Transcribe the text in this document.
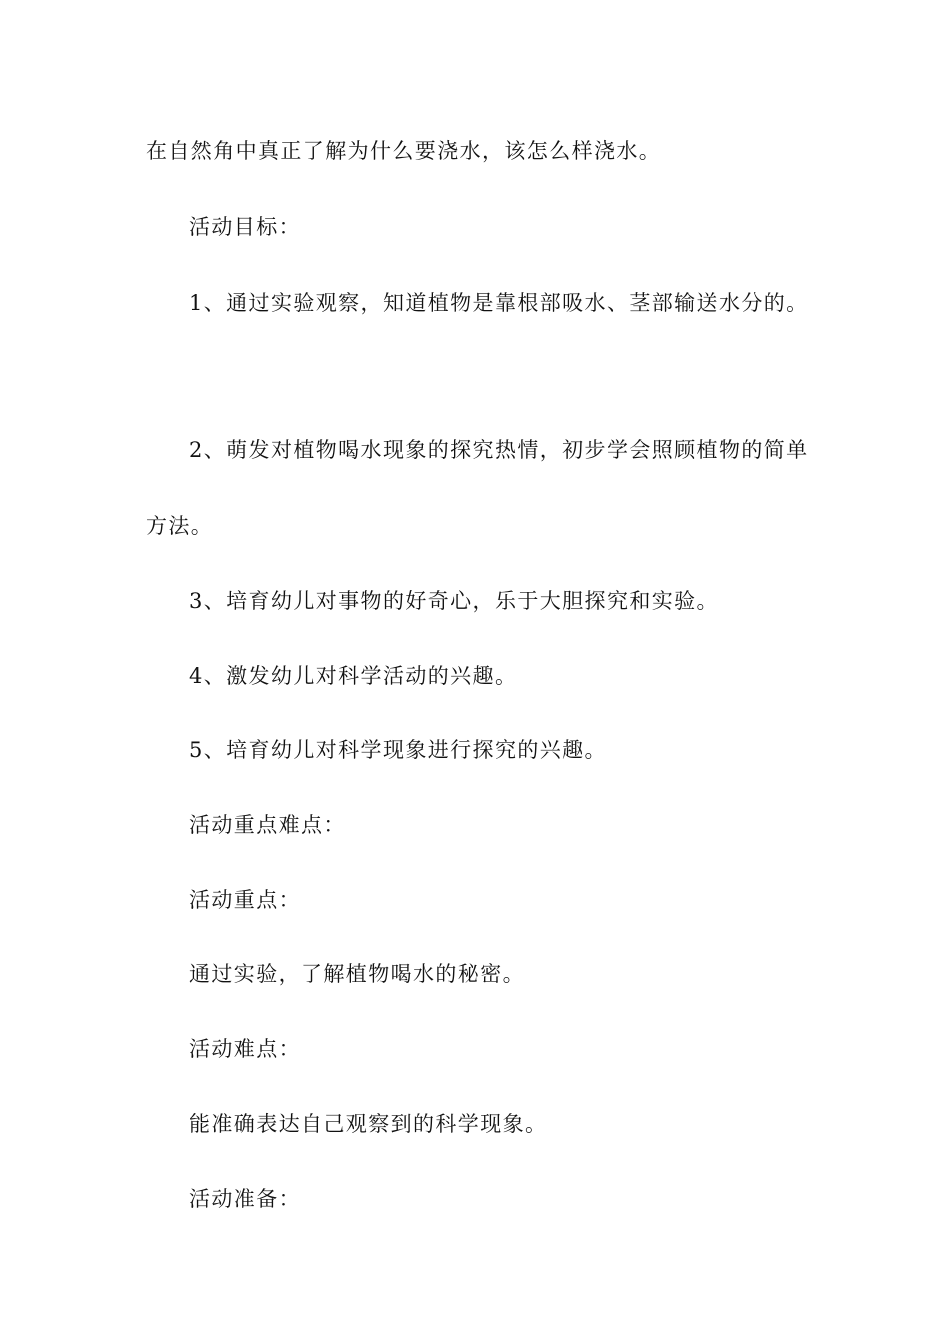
在自然角中真正了解为什么要浇水，该怎么样浇水。
活动目标：
1、通过实验观察，知道植物是靠根部吸水、茎部输送水分的。
2、萌发对植物喝水现象的探究热情，初步学会照顾植物的简单
方法。
3、培育幼儿对事物的好奇心，乐于大胆探究和实验。
4、激发幼儿对科学活动的兴趣。
5、培育幼儿对科学现象进行探究的兴趣。
活动重点难点：
活动重点：
通过实验，了解植物喝水的秘密。
活动难点：
能准确表达自己观察到的科学现象。
活动准备：
